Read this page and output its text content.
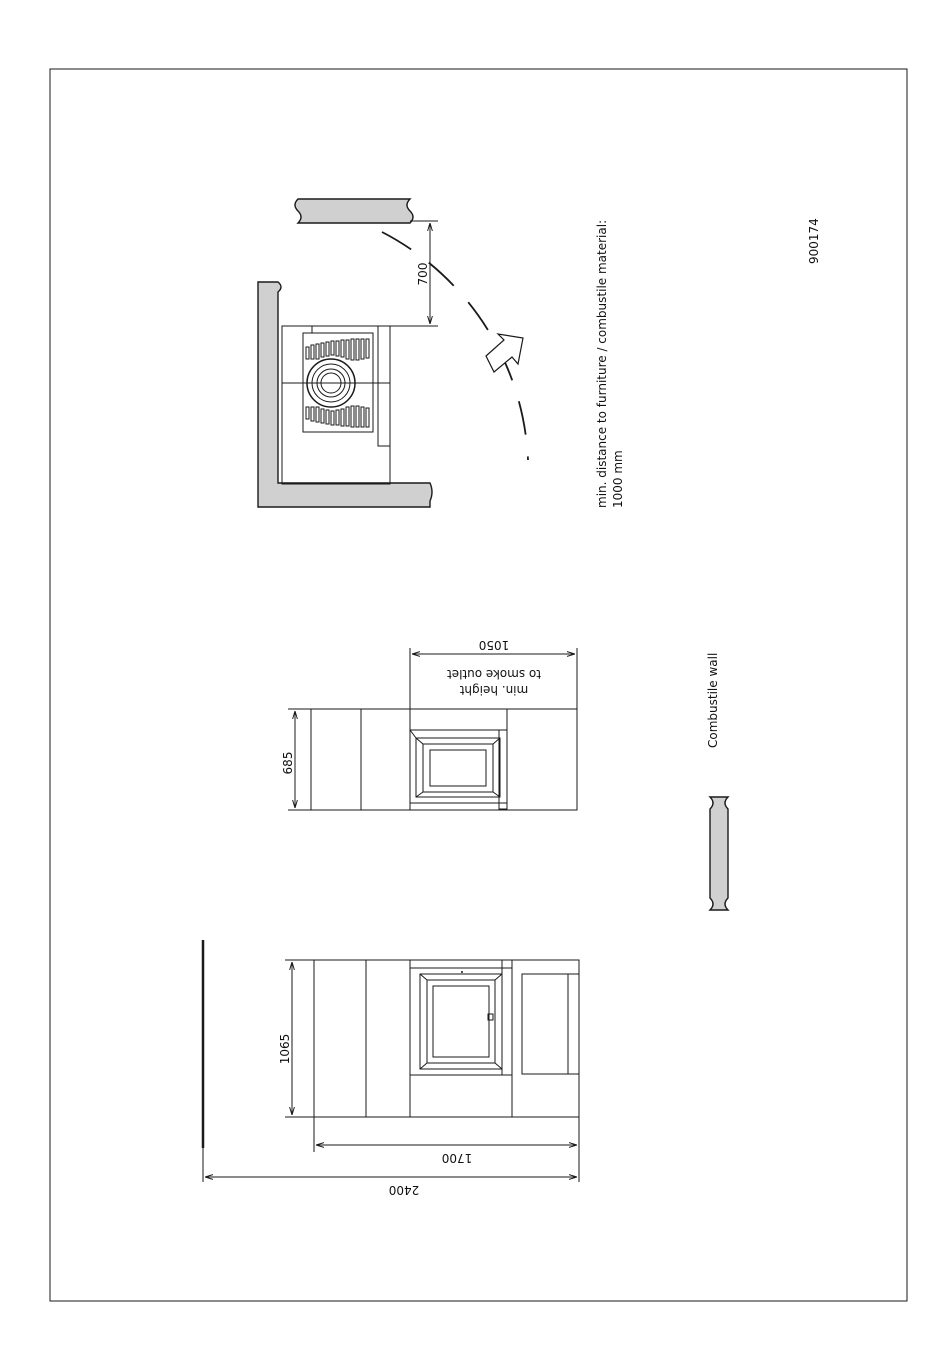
700	min. distance to furniture / combustile material: 1000 mm
900174
685
1050
min. height
to smoke outlet
1065
1700
2400
Combustile wall
